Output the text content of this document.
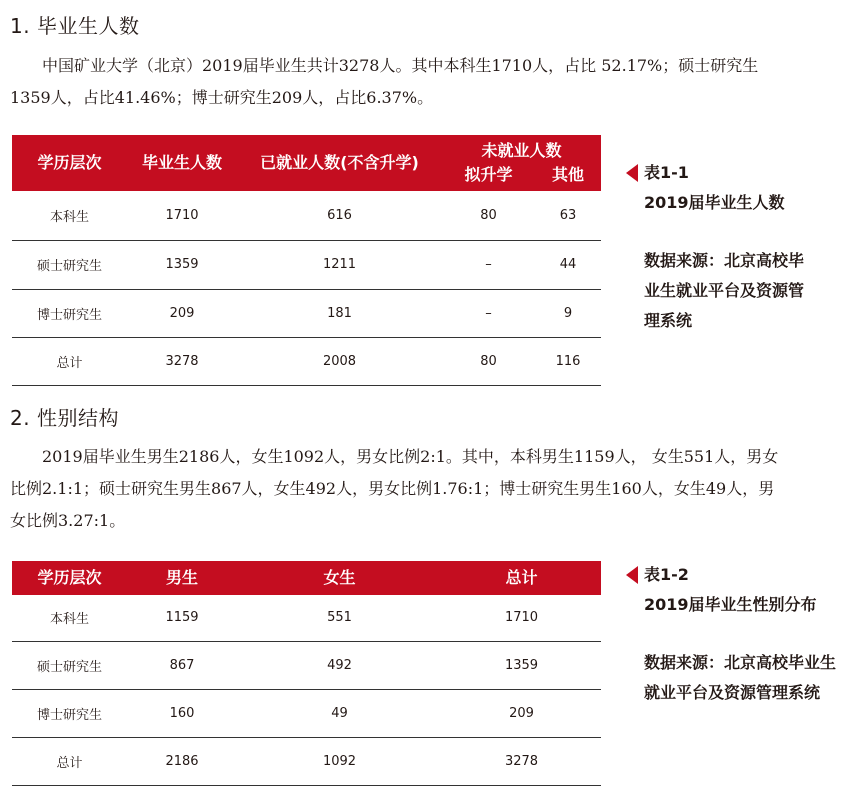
1. 毕业生人数

中国矿业大学（北京）2019届毕业生共计3278人。其中本科生1710人，占比 52.17%；硕士研究生1359人，占比41.46%；博士研究生209人，占比6.37%。

学历层次	毕业生人数	已就业人数(不含升学)	未就业人数	
			拟升学	其他
本科生	1710	616	80	63
硕士研究生	1359	1211	–	44
博士研究生	209	181	–	9
总计	3278	2008	80	116
表1-1
2019届毕业生人数
数据来源：北京高校毕业生就业平台及资源管理系统
2. 性别结构

2019届毕业生男生2186人，女生1092人，男女比例2:1。其中，本科男生1159人， 女生551人，男女比例2.1:1；硕士研究生男生867人，女生492人，男女比例1.76:1；博士研究生男生160人，女生49人，男女比例3.27:1。

学历层次	男生	女生	总计
本科生	1159	551	1710
硕士研究生	867	492	1359
博士研究生	160	49	209
总计	2186	1092	3278
表1-2
2019届毕业生性别分布
数据来源：北京高校毕业生就业平台及资源管理系统
